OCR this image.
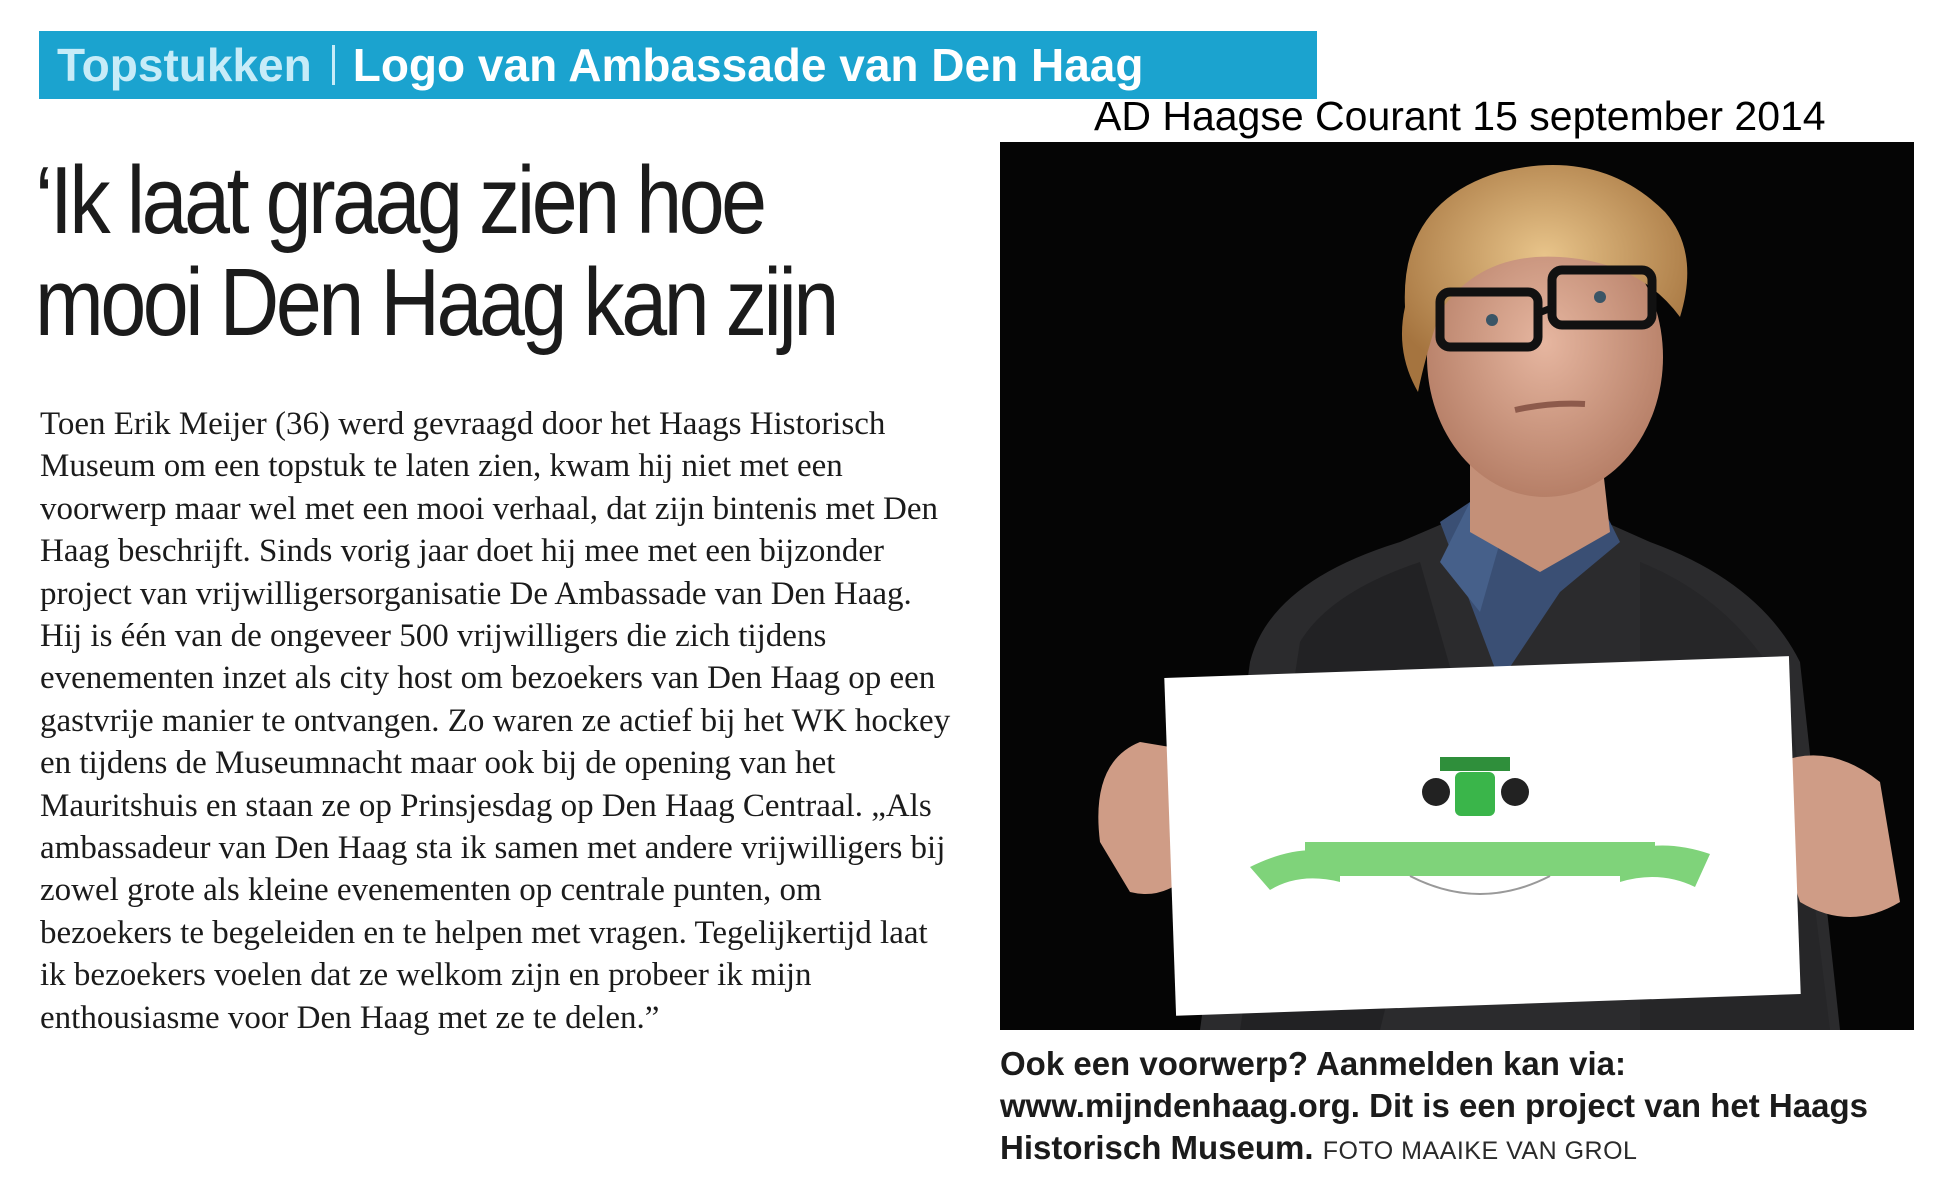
Topstukken Logo van Ambassade van Den Haag
AD Haagse Courant 15 september 2014
‘Ik laat graag zien hoe mooi Den Haag kan zijn

Toen Erik Meijer (36) werd gevraagd door het Haags Historisch Museum om een topstuk te laten zien, kwam hij niet met een voorwerp maar wel met een mooi verhaal, dat zijn bintenis met Den Haag beschrijft. Sinds vorig jaar doet hij mee met een bijzonder project van vrijwilligersorganisatie De Ambassade van Den Haag. Hij is één van de ongeveer 500 vrijwilligers die zich tijdens evenementen inzet als city host om bezoekers van Den Haag op een gastvrije manier te ontvangen. Zo waren ze actief bij het WK hockey en tijdens de Museumnacht maar ook bij de opening van het Mauritshuis en staan ze op Prinsjesdag op Den Haag Centraal. „Als ambassadeur van Den Haag sta ik samen met andere vrijwilligers bij zowel grote als kleine evenementen op centrale punten, om bezoekers te begeleiden en te helpen met vragen. Tegelijkertijd laat ik bezoekers voelen dat ze welkom zijn en probeer ik mijn enthousiasme voor Den Haag met ze te delen.”

Ook een voorwerp? Aanmelden kan via: www.mijndenhaag.org. Dit is een project van het Haags Historisch Museum. FOTO MAAIKE VAN GROL
